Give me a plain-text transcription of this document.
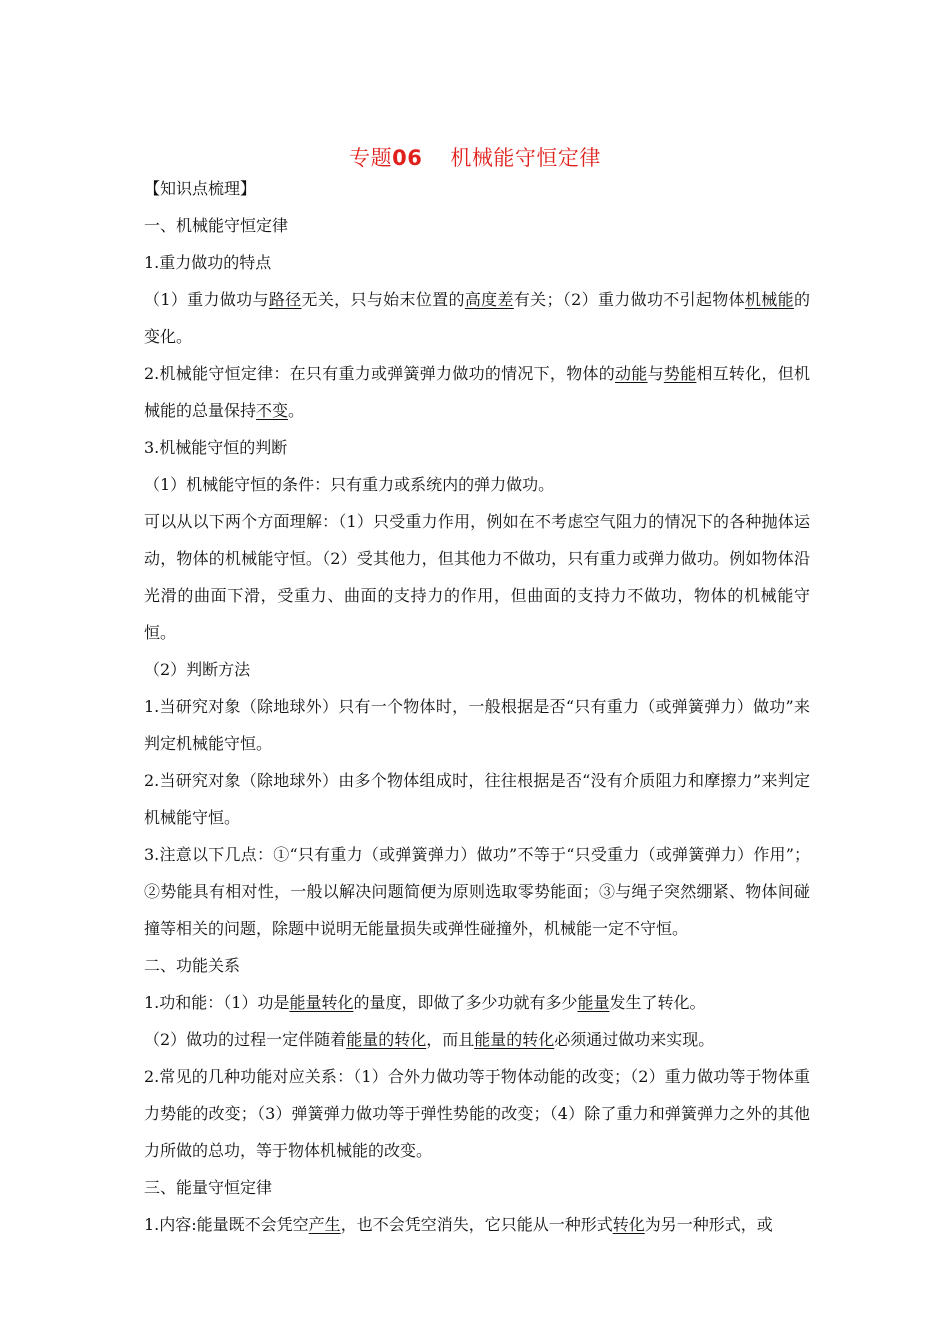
专题06 机械能守恒定律

【知识点梳理】

一、机械能守恒定律

1.重力做功的特点

（1）重力做功与路径无关，只与始末位置的高度差有关；（2）重力做功不引起物体机械能的变化。

2.机械能守恒定律：在只有重力或弹簧弹力做功的情况下，物体的动能与势能相互转化，但机械能的总量保持不变。

3.机械能守恒的判断

（1）机械能守恒的条件：只有重力或系统内的弹力做功。

可以从以下两个方面理解：（1）只受重力作用，例如在不考虑空气阻力的情况下的各种抛体运动，物体的机械能守恒。（2）受其他力，但其他力不做功，只有重力或弹力做功。例如物体沿光滑的曲面下滑，受重力、曲面的支持力的作用，但曲面的支持力不做功，物体的机械能守恒。

（2）判断方法

1.当研究对象（除地球外）只有一个物体时，一般根据是否“只有重力（或弹簧弹力）做功”来判定机械能守恒。

2.当研究对象（除地球外）由多个物体组成时，往往根据是否“没有介质阻力和摩擦力”来判定机械能守恒。

3.注意以下几点：①“只有重力（或弹簧弹力）做功”不等于“只受重力（或弹簧弹力）作用”；②势能具有相对性，一般以解决问题简便为原则选取零势能面；③与绳子突然绷紧、物体间碰撞等相关的问题，除题中说明无能量损失或弹性碰撞外，机械能一定不守恒。

二、功能关系

1.功和能：（1）功是能量转化的量度，即做了多少功就有多少能量发生了转化。

（2）做功的过程一定伴随着能量的转化，而且能量的转化必须通过做功来实现。

2.常见的几种功能对应关系：（1）合外力做功等于物体动能的改变；（2）重力做功等于物体重力势能的改变；（3）弹簧弹力做功等于弹性势能的改变；（4）除了重力和弹簧弹力之外的其他力所做的总功，等于物体机械能的改变。

三、能量守恒定律

1.内容:能量既不会凭空产生，也不会凭空消失，它只能从一种形式转化为另一种形式，或
